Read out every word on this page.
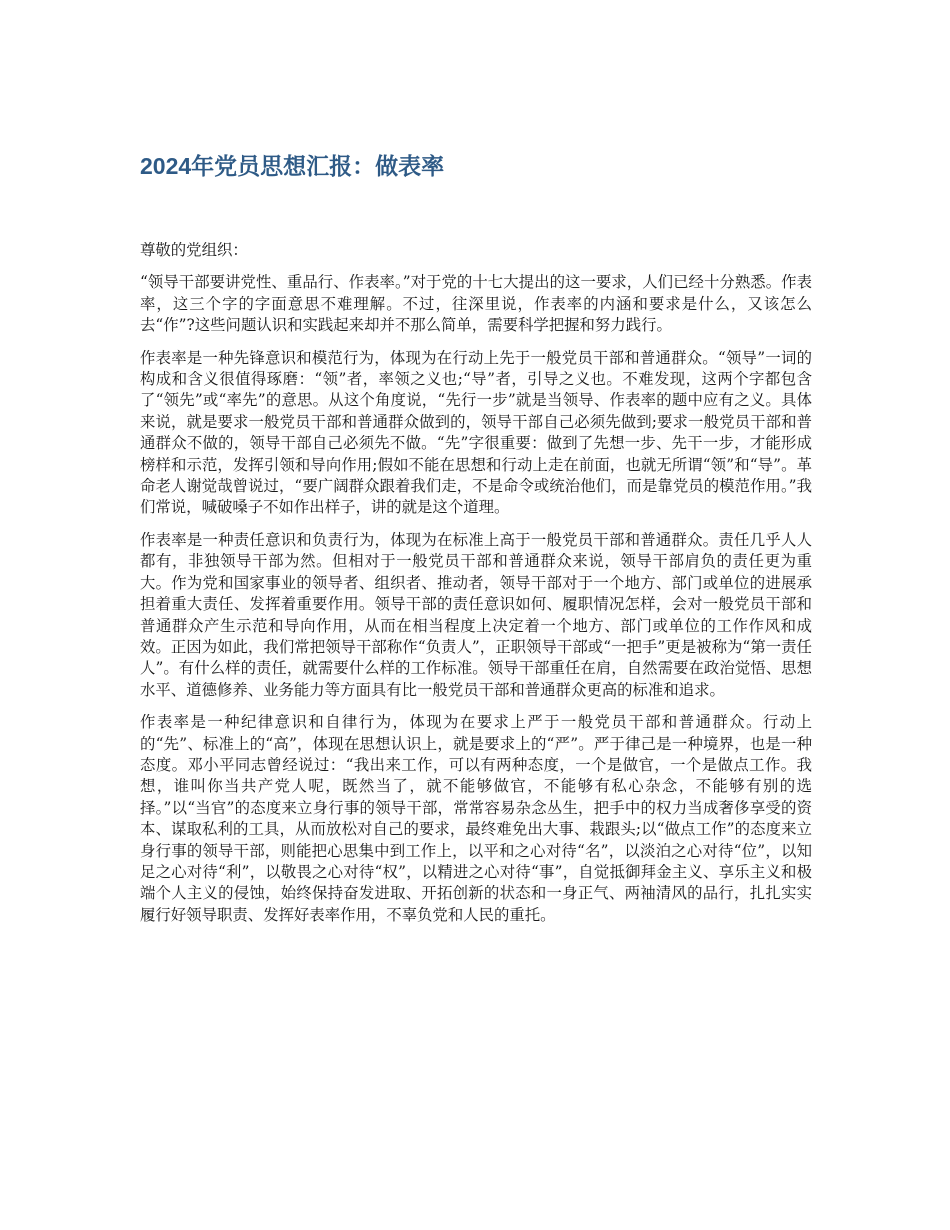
2024年党员思想汇报：做表率

尊敬的党组织：

“领导干部要讲党性、重品行、作表率。”对于党的十七大提出的这一要求，人们已经十分熟悉。作表率，这三个字的字面意思不难理解。不过，往深里说，作表率的内涵和要求是什么，又该怎么去“作”?这些问题认识和实践起来却并不那么简单，需要科学把握和努力践行。

作表率是一种先锋意识和模范行为，体现为在行动上先于一般党员干部和普通群众。“领导”一词的构成和含义很值得琢磨：“领”者，率领之义也;“导”者，引导之义也。不难发现，这两个字都包含了“领先”或“率先”的意思。从这个角度说，“先行一步”就是当领导、作表率的题中应有之义。具体来说，就是要求一般党员干部和普通群众做到的，领导干部自己必须先做到;要求一般党员干部和普通群众不做的，领导干部自己必须先不做。“先”字很重要：做到了先想一步、先干一步，才能形成榜样和示范，发挥引领和导向作用;假如不能在思想和行动上走在前面，也就无所谓“领”和“导”。革命老人谢觉哉曾说过，“要广阔群众跟着我们走，不是命令或统治他们，而是靠党员的模范作用。”我们常说，喊破嗓子不如作出样子，讲的就是这个道理。

作表率是一种责任意识和负责行为，体现为在标准上高于一般党员干部和普通群众。责任几乎人人都有，非独领导干部为然。但相对于一般党员干部和普通群众来说，领导干部肩负的责任更为重大。作为党和国家事业的领导者、组织者、推动者，领导干部对于一个地方、部门或单位的进展承担着重大责任、发挥着重要作用。领导干部的责任意识如何、履职情况怎样，会对一般党员干部和普通群众产生示范和导向作用，从而在相当程度上决定着一个地方、部门或单位的工作作风和成效。正因为如此，我们常把领导干部称作“负责人”，正职领导干部或“一把手”更是被称为“第一责任人”。有什么样的责任，就需要什么样的工作标准。领导干部重任在肩，自然需要在政治觉悟、思想水平、道德修养、业务能力等方面具有比一般党员干部和普通群众更高的标准和追求。

作表率是一种纪律意识和自律行为，体现为在要求上严于一般党员干部和普通群众。行动上的“先”、标准上的“高”，体现在思想认识上，就是要求上的“严”。严于律己是一种境界，也是一种态度。邓小平同志曾经说过：“我出来工作，可以有两种态度，一个是做官，一个是做点工作。我想，谁叫你当共产党人呢，既然当了，就不能够做官，不能够有私心杂念，不能够有别的选择。”以“当官”的态度来立身行事的领导干部，常常容易杂念丛生，把手中的权力当成奢侈享受的资本、谋取私利的工具，从而放松对自己的要求，最终难免出大事、栽跟头;以“做点工作”的态度来立身行事的领导干部，则能把心思集中到工作上，以平和之心对待“名”，以淡泊之心对待“位”，以知足之心对待“利”，以敬畏之心对待“权”，以精进之心对待“事”，自觉抵御拜金主义、享乐主义和极端个人主义的侵蚀，始终保持奋发进取、开拓创新的状态和一身正气、两袖清风的品行，扎扎实实履行好领导职责、发挥好表率作用，不辜负党和人民的重托。
